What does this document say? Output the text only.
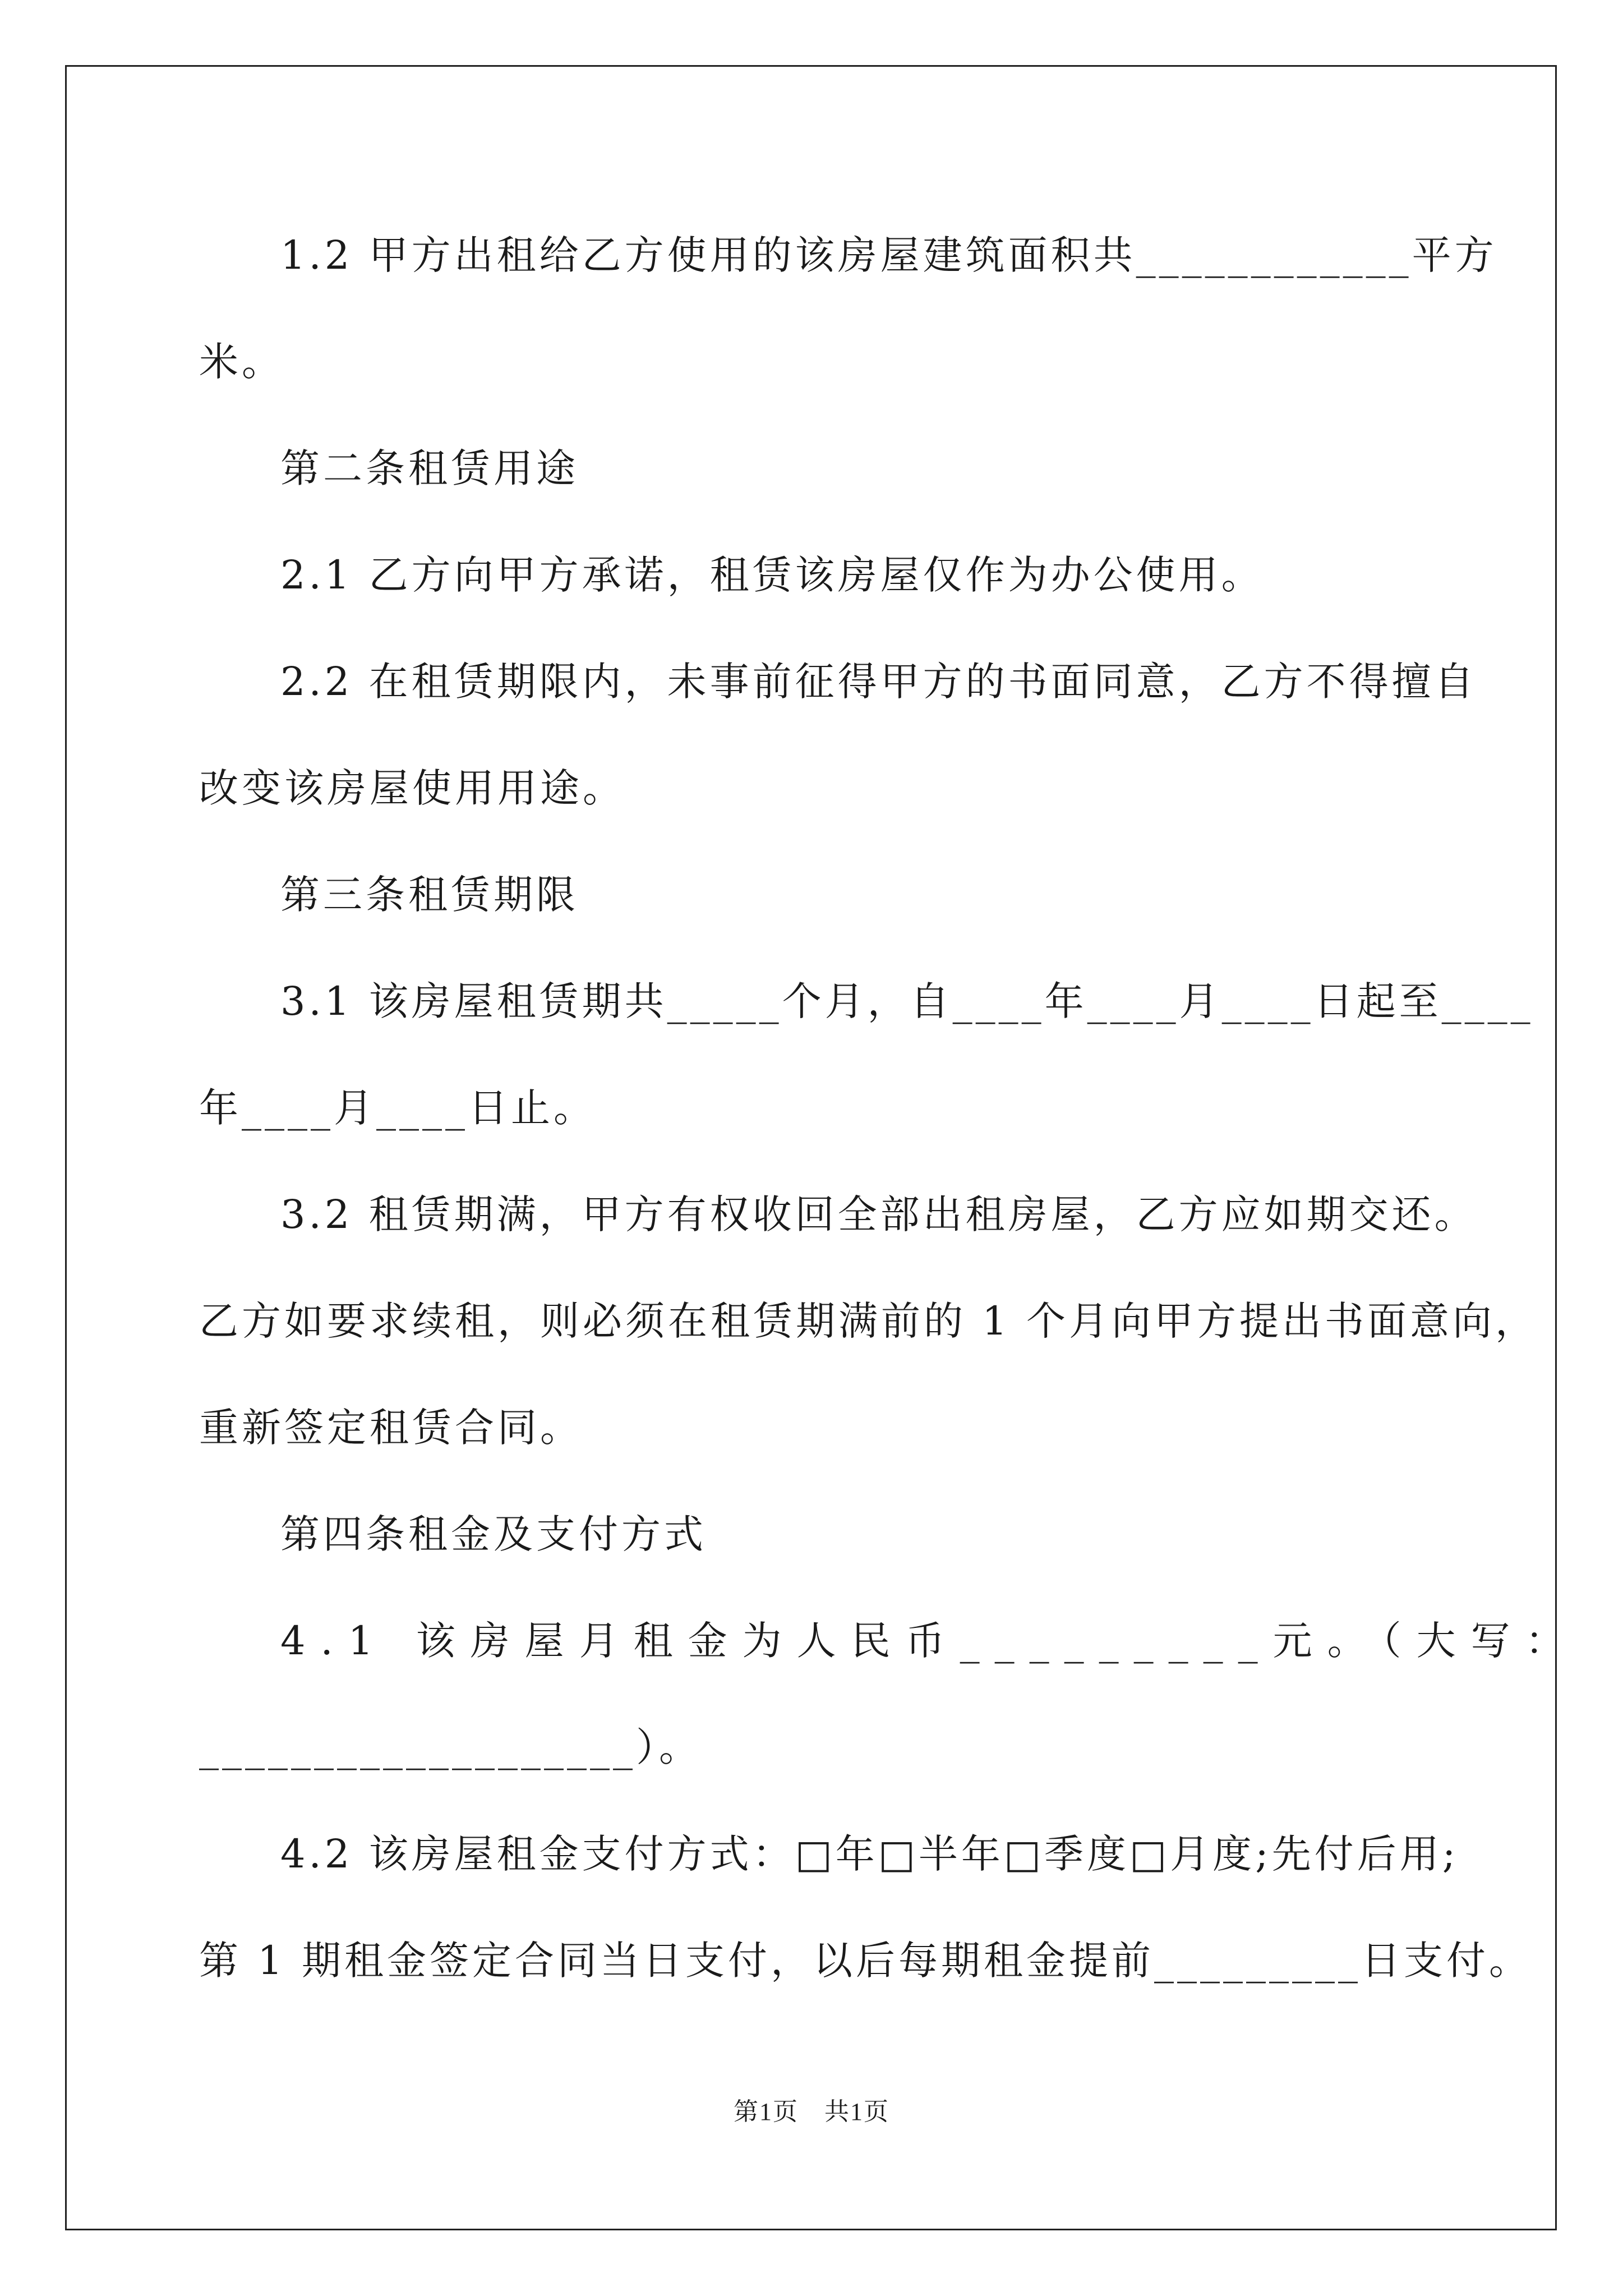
1.2 甲方出租给乙方使用的该房屋建筑面积共____________平方

米。

第二条租赁用途

2.1 乙方向甲方承诺，租赁该房屋仅作为办公使用。

2.2 在租赁期限内，未事前征得甲方的书面同意，乙方不得擅自

改变该房屋使用用途。

第三条租赁期限

3.1 该房屋租赁期共_____个月，自____年____月____日起至____

年____月____日止。

3.2 租赁期满，甲方有权收回全部出租房屋，乙方应如期交还。

乙方如要求续租，则必须在租赁期满前的 1 个月向甲方提出书面意向，

重新签定租赁合同。

第四条租金及支付方式

4.1 该房屋月租金为人民币_________元。（大写：

___________________）。

4.2 该房屋租金支付方式：□年□半年□季度□月度;先付后用;

第 1 期租金签定合同当日支付，以后每期租金提前_________日支付。

第1页　共1页
